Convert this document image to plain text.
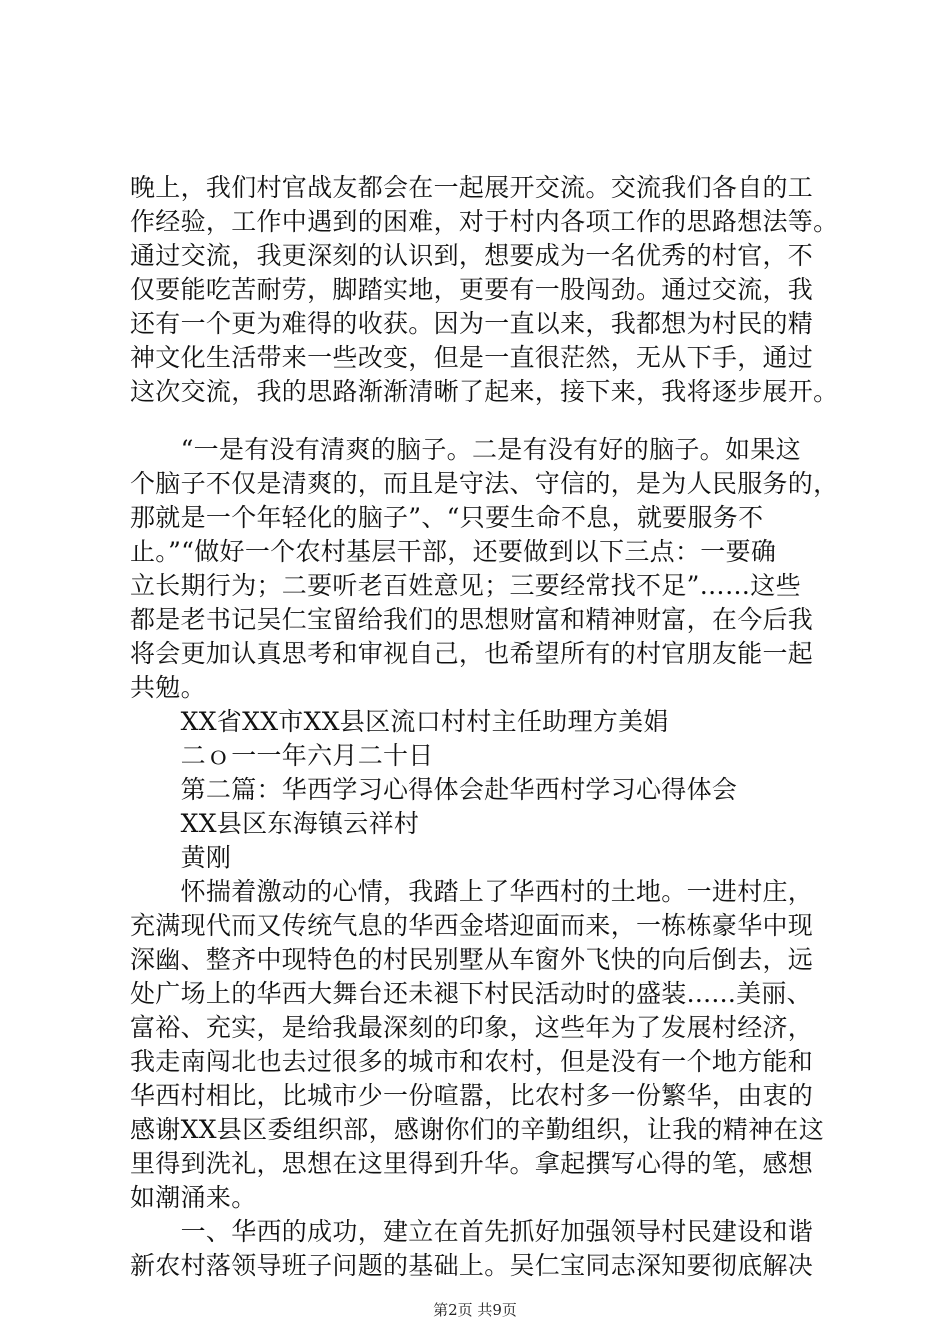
晚上，我们村官战友都会在一起展开交流。交流我们各自的工
作经验，工作中遇到的困难，对于村内各项工作的思路想法等。
通过交流，我更深刻的认识到，想要成为一名优秀的村官，不
仅要能吃苦耐劳，脚踏实地，更要有一股闯劲。通过交流，我
还有一个更为难得的收获。因为一直以来，我都想为村民的精
神文化生活带来一些改变，但是一直很茫然，无从下手，通过
这次交流，我的思路渐渐清晰了起来，接下来，我将逐步展开。
　　“一是有没有清爽的脑子。二是有没有好的脑子。如果这
个脑子不仅是清爽的，而且是守法、守信的，是为人民服务的，
那就是一个年轻化的脑子”、“只要生命不息，就要服务不
止。”“做好一个农村基层干部，还要做到以下三点：一要确
立长期行为；二要听老百姓意见；三要经常找不足”……这些
都是老书记吴仁宝留给我们的思想财富和精神财富，在今后我
将会更加认真思考和审视自己，也希望所有的村官朋友能一起
共勉。
　　XX省XX市XX县区流口村村主任助理方美娟
　　二ｏ一一年六月二十日
　　第二篇：华西学习心得体会赴华西村学习心得体会
　　XX县区东海镇云祥村
　　黄刚
　　怀揣着激动的心情，我踏上了华西村的土地。一进村庄，
充满现代而又传统气息的华西金塔迎面而来，一栋栋豪华中现
深幽、整齐中现特色的村民别墅从车窗外飞快的向后倒去，远
处广场上的华西大舞台还未褪下村民活动时的盛装......美丽、
富裕、充实，是给我最深刻的印象，这些年为了发展村经济，
我走南闯北也去过很多的城市和农村，但是没有一个地方能和
华西村相比，比城市少一份喧嚣，比农村多一份繁华，由衷的
感谢XX县区委组织部，感谢你们的辛勤组织，让我的精神在这
里得到洗礼，思想在这里得到升华。拿起撰写心得的笔，感想
如潮涌来。
　　一、华西的成功，建立在首先抓好加强领导村民建设和谐
新农村落领导班子问题的基础上。吴仁宝同志深知要彻底解决
第2页 共9页
